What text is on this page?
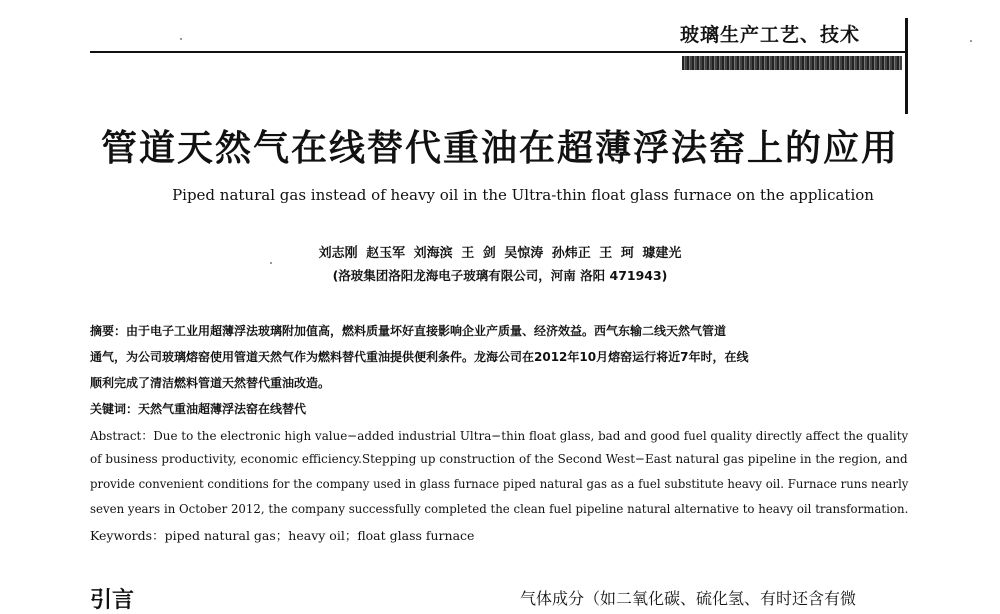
玻璃生产工艺、技术
管道天然气在线替代重油在超薄浮法窑上的应用
Piped natural gas instead of heavy oil in the Ultra-thin float glass furnace on the application
刘志刚 赵玉军 刘海滨 王 剑 吴惊涛 孙炜正 王 珂 璩建光
(洛玻集团洛阳龙海电子玻璃有限公司，河南 洛阳 471943)
摘要：由于电子工业用超薄浮法玻璃附加值高，燃料质量坏好直接影响企业产质量、经济效益。西气东输二线天然气管道
通气，为公司玻璃熔窑使用管道天然气作为燃料替代重油提供便利条件。龙海公司在2012年10月熔窑运行将近7年时，在线
顺利完成了清洁燃料管道天然替代重油改造。
关键词：天然气重油超薄浮法窑在线替代
Abstract：Due to the electronic high value−added industrial Ultra−thin float glass, bad and good fuel quality directly affect the quality
of business productivity, economic efficiency.Stepping up construction of the Second West−East natural gas pipeline in the region, and
provide convenient conditions for the company used in glass furnace piped natural gas as a fuel substitute heavy oil. Furnace runs nearly
seven years in October 2012, the company successfully completed the clean fuel pipeline natural alternative to heavy oil transformation.
Keywords：piped natural gas；heavy oil；float glass furnace
引言	气体成分（如二氧化碳、硫化氢、有时还含有微
